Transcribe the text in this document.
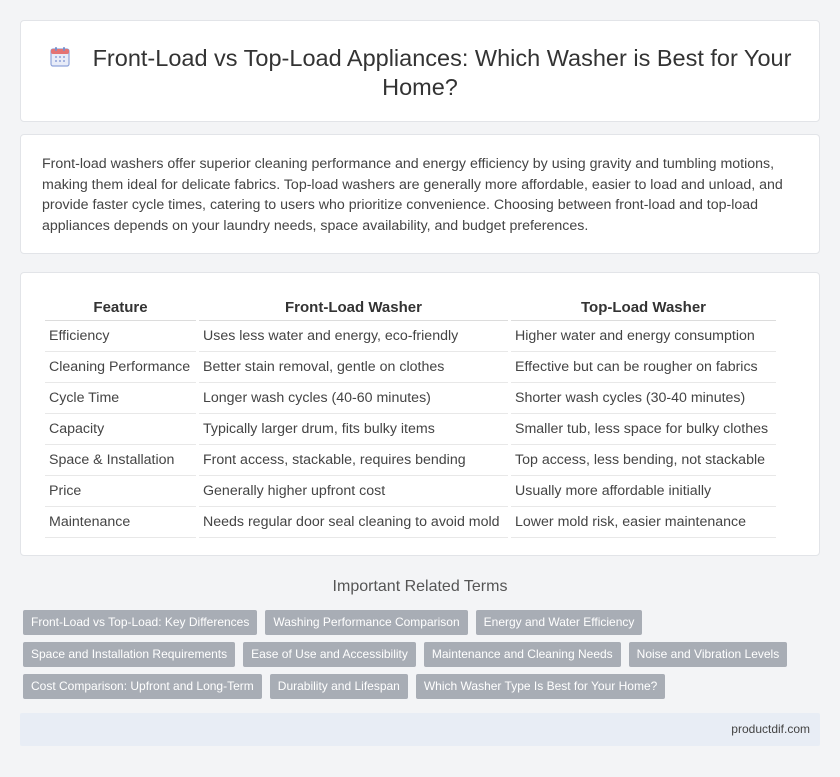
Front-Load vs Top-Load Appliances: Which Washer is Best for Your Home?

Front-load washers offer superior cleaning performance and energy efficiency by using gravity and tumbling motions, making them ideal for delicate fabrics. Top-load washers are generally more affordable, easier to load and unload, and provide faster cycle times, catering to users who prioritize convenience. Choosing between front-load and top-load appliances depends on your laundry needs, space availability, and budget preferences.

Feature	Front-Load Washer	Top-Load Washer
Efficiency	Uses less water and energy, eco-friendly	Higher water and energy consumption
Cleaning Performance	Better stain removal, gentle on clothes	Effective but can be rougher on fabrics
Cycle Time	Longer wash cycles (40-60 minutes)	Shorter wash cycles (30-40 minutes)
Capacity	Typically larger drum, fits bulky items	Smaller tub, less space for bulky clothes
Space & Installation	Front access, stackable, requires bending	Top access, less bending, not stackable
Price	Generally higher upfront cost	Usually more affordable initially
Maintenance	Needs regular door seal cleaning to avoid mold	Lower mold risk, easier maintenance
Important Related Terms
Front-Load vs Top-Load: Key Differences	Washing Performance Comparison	Energy and Water Efficiency
Space and Installation Requirements	Ease of Use and Accessibility	Maintenance and Cleaning Needs	Noise and Vibration Levels
Cost Comparison: Upfront and Long-Term	Durability and Lifespan	Which Washer Type Is Best for Your Home?
productdif.com
